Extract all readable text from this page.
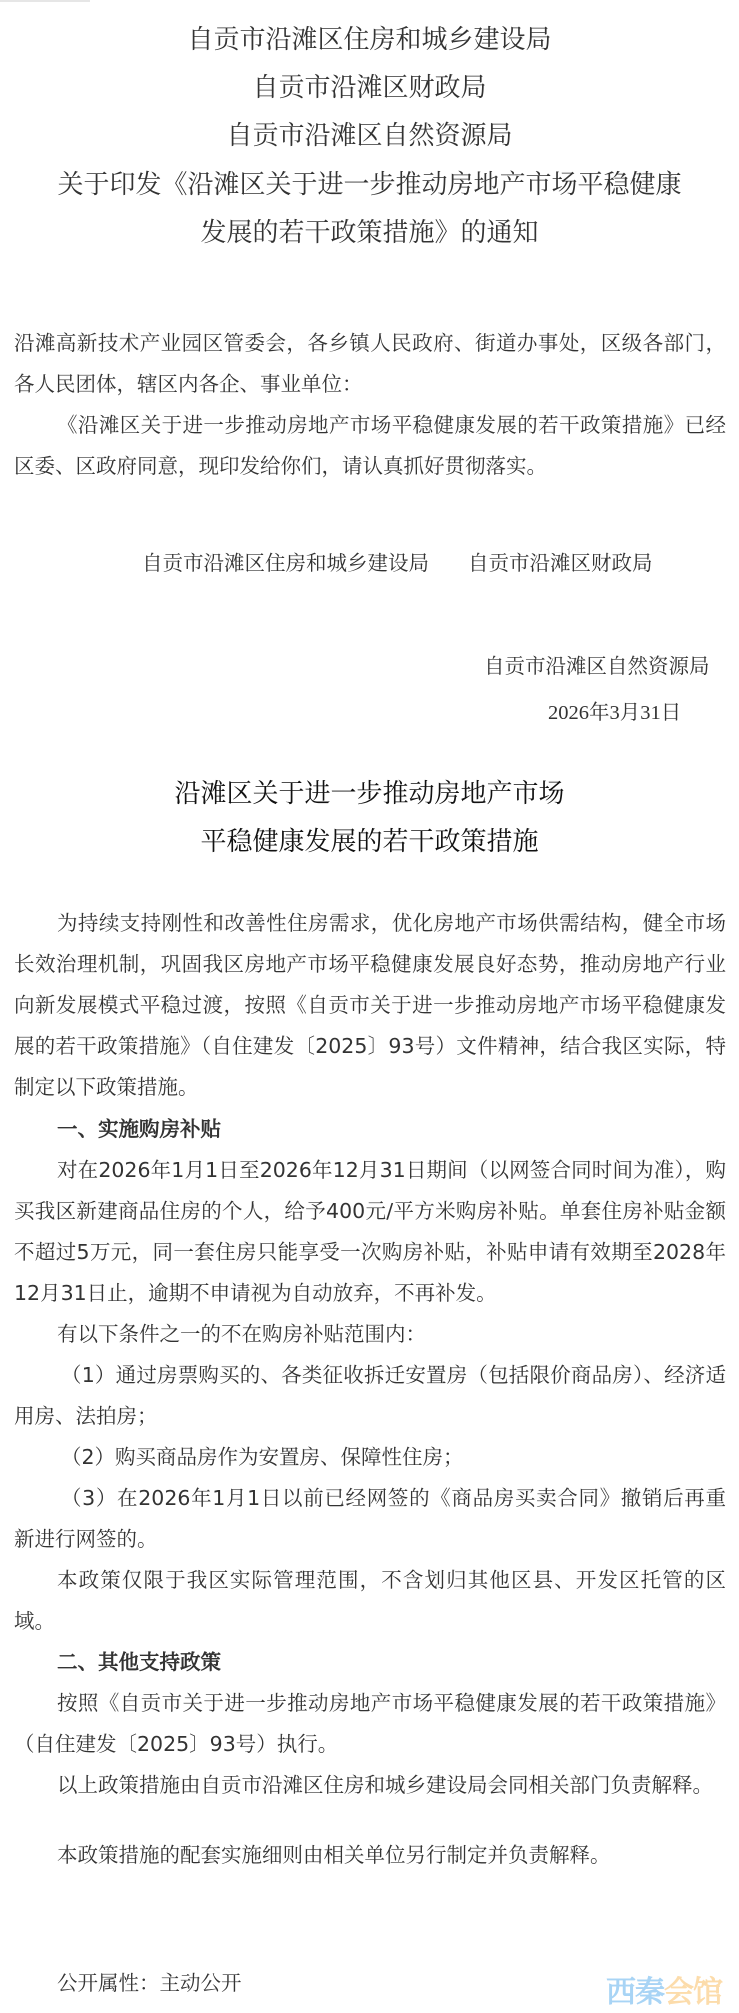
自贡市沿滩区住房和城乡建设局
自贡市沿滩区财政局
自贡市沿滩区自然资源局
关于印发《沿滩区关于进一步推动房地产市场平稳健康
发展的若干政策措施》的通知
沿滩高新技术产业园区管委会，各乡镇人民政府、街道办事处，区级各部门，各人民团体，辖区内各企、事业单位：
《沿滩区关于进一步推动房地产市场平稳健康发展的若干政策措施》已经区委、区政府同意，现印发给你们，请认真抓好贯彻落实。
自贡市沿滩区住房和城乡建设局 自贡市沿滩区财政局
自贡市沿滩区自然资源局
2026年3月31日
沿滩区关于进一步推动房地产市场
平稳健康发展的若干政策措施
为持续支持刚性和改善性住房需求，优化房地产市场供需结构，健全市场长效治理机制，巩固我区房地产市场平稳健康发展良好态势，推动房地产行业向新发展模式平稳过渡，按照《自贡市关于进一步推动房地产市场平稳健康发展的若干政策措施》（自住建发〔2025〕93号）文件精神，结合我区实际，特制定以下政策措施。
一、实施购房补贴
对在2026年1月1日至2026年12月31日期间（以网签合同时间为准），购买我区新建商品住房的个人，给予400元/平方米购房补贴。单套住房补贴金额不超过5万元，同一套住房只能享受一次购房补贴，补贴申请有效期至2028年12月31日止，逾期不申请视为自动放弃，不再补发。
有以下条件之一的不在购房补贴范围内：
（1）通过房票购买的、各类征收拆迁安置房（包括限价商品房）、经济适用房、法拍房；
（2）购买商品房作为安置房、保障性住房；
（3）在2026年1月1日以前已经网签的《商品房买卖合同》撤销后再重新进行网签的。
本政策仅限于我区实际管理范围，不含划归其他区县、开发区托管的区域。
二、其他支持政策
按照《自贡市关于进一步推动房地产市场平稳健康发展的若干政策措施》（自住建发〔2025〕93号）执行。
以上政策措施由自贡市沿滩区住房和城乡建设局会同相关部门负责解释。
本政策措施的配套实施细则由相关单位另行制定并负责解释。
公开属性：主动公开	西秦会馆
